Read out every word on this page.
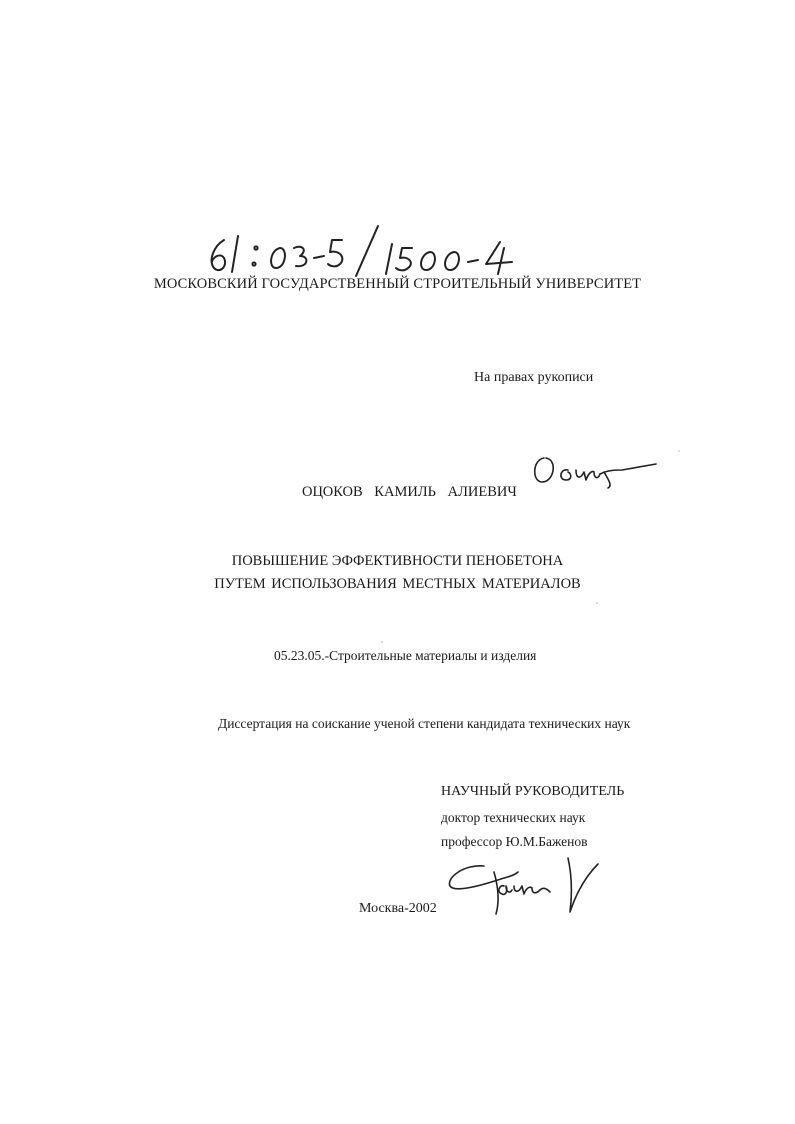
61:03-5/1500-4
МОСКОВСКИЙ ГОСУДАРСТВЕННЫЙ СТРОИТЕЛЬНЫЙ УНИВЕРСИТЕТ
На правах рукописи
Оцок
ОЦОКОВ КАМИЛЬ АЛИЕВИЧ
ПОВЫШЕНИЕ ЭФФЕКТИВНОСТИ ПЕНОБЕТОНА
ПУТЕМ ИСПОЛЬЗОВАНИЯ МЕСТНЫХ МАТЕРИАЛОВ
05.23.05.-Строительные материалы и изделия
Диссертация на соискание ученой степени кандидата технических наук
НАУЧНЫЙ РУКОВОДИТЕЛЬ
доктор технических наук
профессор Ю.М.Баженов
Москва-2002
